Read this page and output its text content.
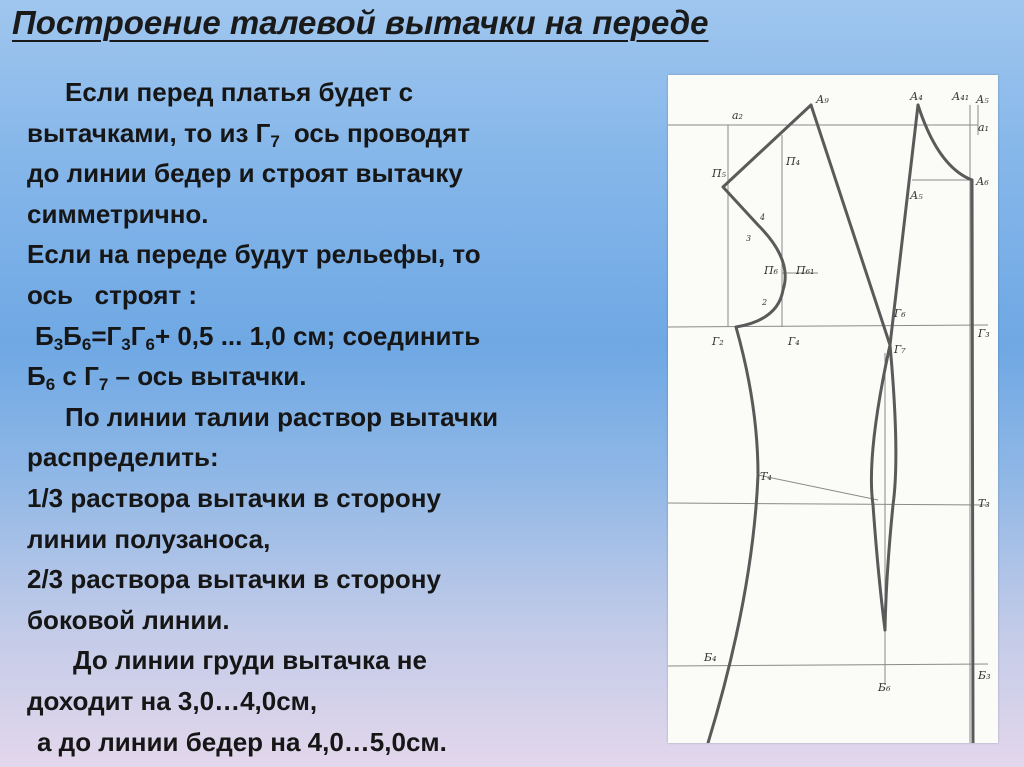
Построение талевой вытачки на переде
Если перед платья будет с
вытачками, то из $Г_7$ ось проводят
до линии бедер и строят вытачку
симметрично.
Если на переде будут рельефы, то
ось   строят :
$Б_3Б_6=Г_3Г_6+ 0,5$ ... 1,0 см; соединить
$Б_6$ с $Г_7$ – ось вытачки.
По линии талии раствор вытачки
распределить:
1/3 раствора вытачки в сторону
линии полузаноса,
2/3 раствора вытачки в сторону
боковой линии.
До линии груди вытачка не
доходит на 3,0…4,0см,
а до линии бедер на 4,0…5,0см.
а₂
А₉	А₄	А₄₁ А₅
а₁
П₅
П₄
А₆
А₅
4
3
П₆ П₆₁
2
Г₆
Г₂	Г₄
Г₇
Г₃
Т₄
Т₃
Б₄
Б₃
Б₆
